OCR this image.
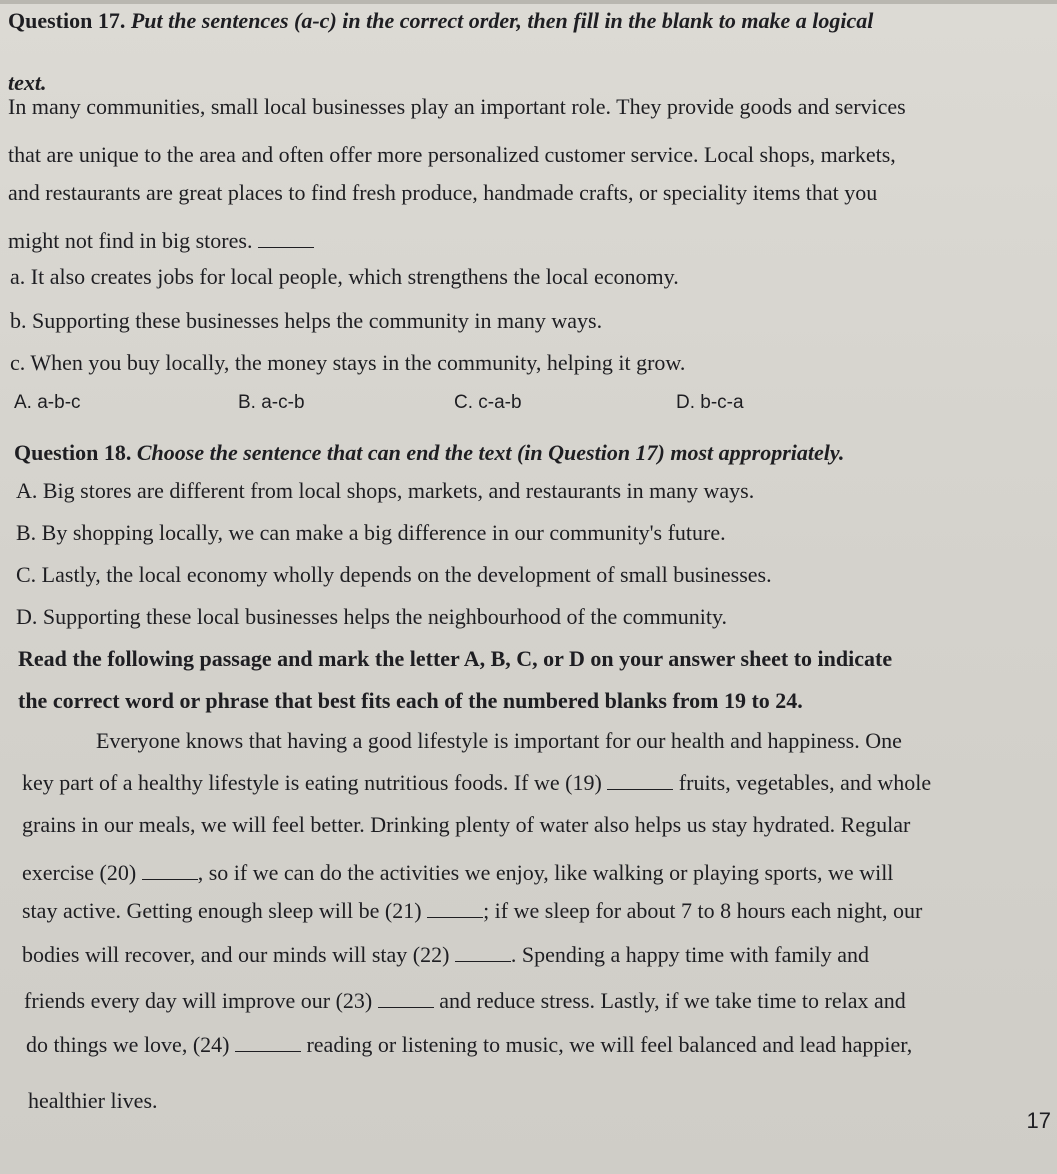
Question 17. Put the sentences (a-c) in the correct order, then fill in the blank to make a logical
text.
In many communities, small local businesses play an important role. They provide goods and services
that are unique to the area and often offer more personalized customer service. Local shops, markets,
and restaurants are great places to find fresh produce, handmade crafts, or speciality items that you
might not find in big stores.
a. It also creates jobs for local people, which strengthens the local economy.
b. Supporting these businesses helps the community in many ways.
c. When you buy locally, the money stays in the community, helping it grow.
A. a-b-c	B. a-c-b	C. c-a-b	D. b-c-a
Question 18. Choose the sentence that can end the text (in Question 17) most appropriately.
A. Big stores are different from local shops, markets, and restaurants in many ways.
B. By shopping locally, we can make a big difference in our community's future.
C. Lastly, the local economy wholly depends on the development of small businesses.
D. Supporting these local businesses helps the neighbourhood of the community.
Read the following passage and mark the letter A, B, C, or D on your answer sheet to indicate
the correct word or phrase that best fits each of the numbered blanks from 19 to 24.
Everyone knows that having a good lifestyle is important for our health and happiness. One
key part of a healthy lifestyle is eating nutritious foods. If we (19)	fruits, vegetables, and whole
grains in our meals, we will feel better. Drinking plenty of water also helps us stay hydrated. Regular
exercise (20)	, so if we can do the activities we enjoy, like walking or playing sports, we will
stay active. Getting enough sleep will be (21)	; if we sleep for about 7 to 8 hours each night, our
bodies will recover, and our minds will stay (22)	. Spending a happy time with family and
friends every day will improve our (23)	and reduce stress. Lastly, if we take time to relax and
do things we love, (24)	reading or listening to music, we will feel balanced and lead happier,
healthier lives.
17
